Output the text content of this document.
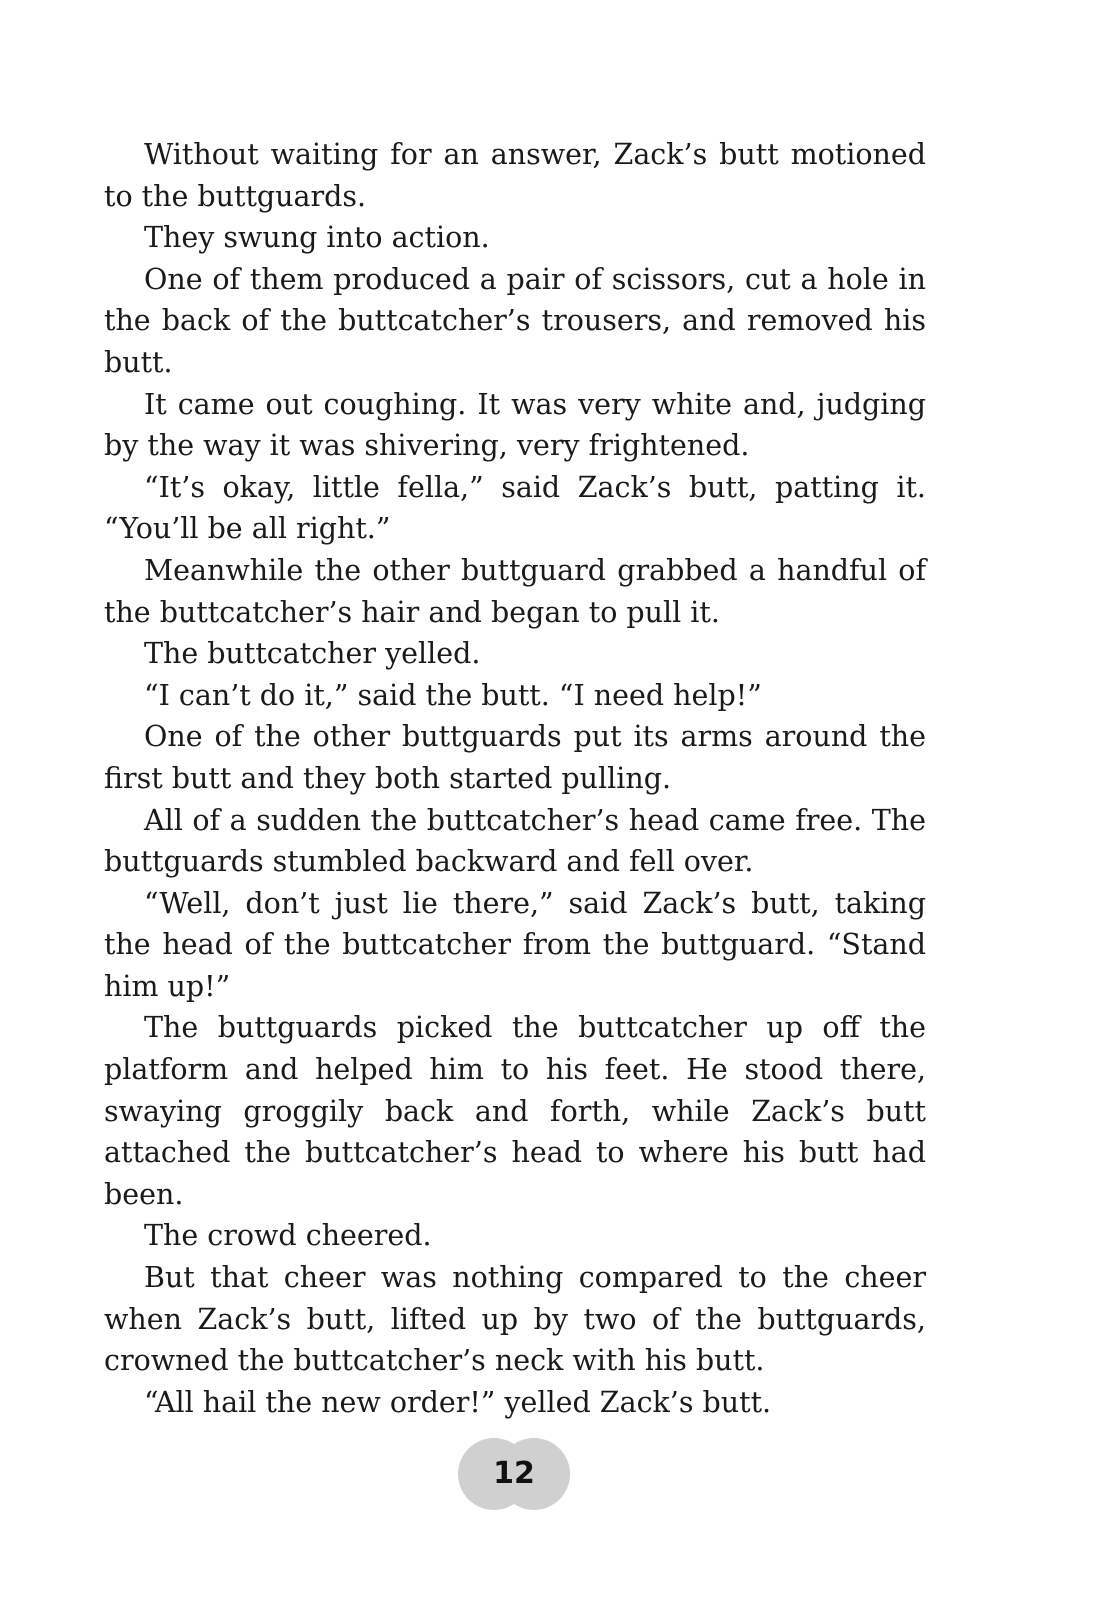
Without waiting for an answer, Zack’s butt motioned to the buttguards.

They swung into action.

One of them produced a pair of scissors, cut a hole in the back of the buttcatcher’s trousers, and removed his butt.

It came out coughing. It was very white and, judging by the way it was shivering, very frightened.

“It’s okay, little fella,” said Zack’s butt, patting it. “You’ll be all right.”

Meanwhile the other buttguard grabbed a handful of the buttcatcher’s hair and began to pull it.

The buttcatcher yelled.

“I can’t do it,” said the butt. “I need help!”

One of the other buttguards put its arms around the first butt and they both started pulling.

All of a sudden the buttcatcher’s head came free. The buttguards stumbled backward and fell over.

“Well, don’t just lie there,” said Zack’s butt, taking the head of the buttcatcher from the buttguard. “Stand him up!”

The buttguards picked the buttcatcher up off the platform and helped him to his feet. He stood there, swaying groggily back and forth, while Zack’s butt attached the buttcatcher’s head to where his butt had been.

The crowd cheered.

But that cheer was nothing compared to the cheer when Zack’s butt, lifted up by two of the buttguards, crowned the buttcatcher’s neck with his butt.

“All hail the new order!” yelled Zack’s butt.

12
